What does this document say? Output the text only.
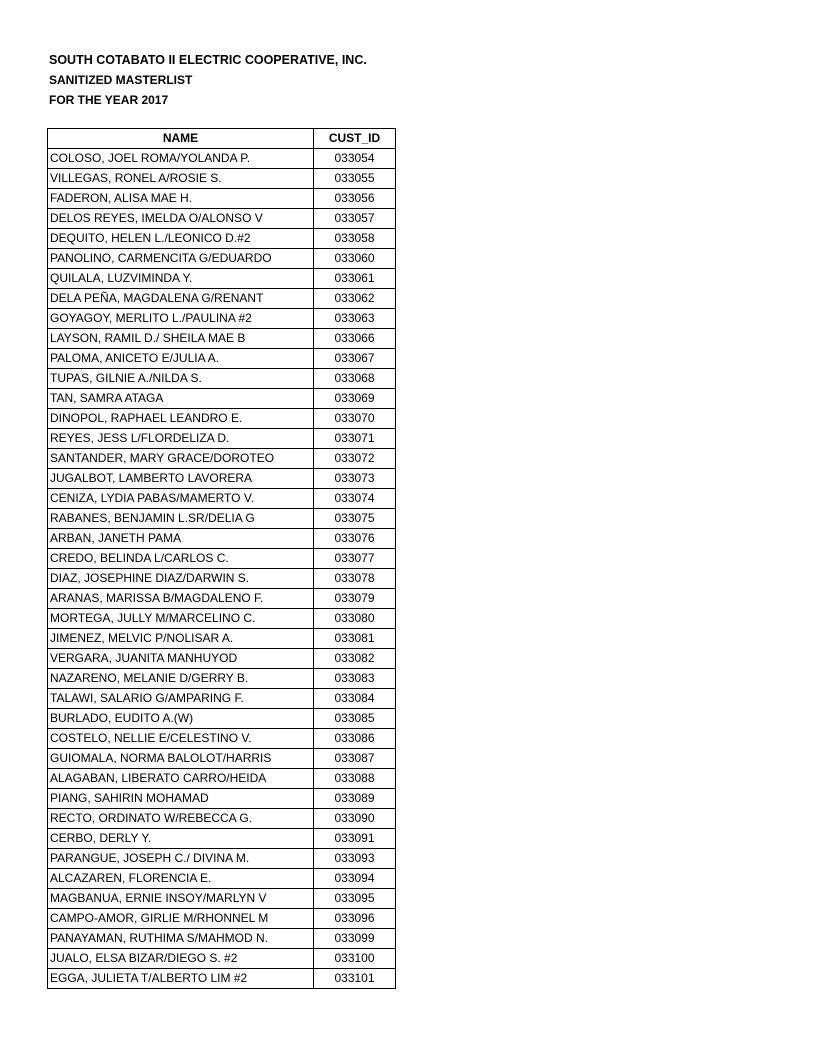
SOUTH COTABATO II ELECTRIC COOPERATIVE, INC.
SANITIZED MASTERLIST
FOR THE YEAR 2017
NAME	CUST_ID
COLOSO, JOEL ROMA/YOLANDA P.	033054
VILLEGAS, RONEL A/ROSIE S.	033055
FADERON, ALISA MAE H.	033056
DELOS REYES, IMELDA O/ALONSO V	033057
DEQUITO, HELEN L./LEONICO D.#2	033058
PANOLINO, CARMENCITA G/EDUARDO	033060
QUILALA, LUZVIMINDA Y.	033061
DELA PEÑA, MAGDALENA G/RENANT	033062
GOYAGOY, MERLITO L./PAULINA #2	033063
LAYSON, RAMIL D./ SHEILA MAE B	033066
PALOMA, ANICETO E/JULIA A.	033067
TUPAS, GILNIE A./NILDA S.	033068
TAN, SAMRA ATAGA	033069
DINOPOL, RAPHAEL LEANDRO E.	033070
REYES, JESS L/FLORDELIZA D.	033071
SANTANDER, MARY GRACE/DOROTEO	033072
JUGALBOT, LAMBERTO LAVORERA	033073
CENIZA, LYDIA PABAS/MAMERTO V.	033074
RABANES, BENJAMIN L.SR/DELIA G	033075
ARBAN, JANETH PAMA	033076
CREDO, BELINDA L/CARLOS C.	033077
DIAZ, JOSEPHINE DIAZ/DARWIN S.	033078
ARANAS, MARISSA B/MAGDALENO F.	033079
MORTEGA, JULLY M/MARCELINO C.	033080
JIMENEZ, MELVIC P/NOLISAR A.	033081
VERGARA, JUANITA MANHUYOD	033082
NAZARENO, MELANIE D/GERRY B.	033083
TALAWI, SALARIO G/AMPARING F.	033084
BURLADO, EUDITO A.(W)	033085
COSTELO, NELLIE E/CELESTINO V.	033086
GUIOMALA, NORMA BALOLOT/HARRIS	033087
ALAGABAN, LIBERATO CARRO/HEIDA	033088
PIANG, SAHIRIN MOHAMAD	033089
RECTO, ORDINATO W/REBECCA G.	033090
CERBO, DERLY Y.	033091
PARANGUE, JOSEPH C./ DIVINA M.	033093
ALCAZAREN, FLORENCIA E.	033094
MAGBANUA, ERNIE INSOY/MARLYN V	033095
CAMPO-AMOR, GIRLIE M/RHONNEL M	033096
PANAYAMAN, RUTHIMA S/MAHMOD N.	033099
JUALO, ELSA BIZAR/DIEGO S. #2	033100
EGGA, JULIETA T/ALBERTO LIM #2	033101
